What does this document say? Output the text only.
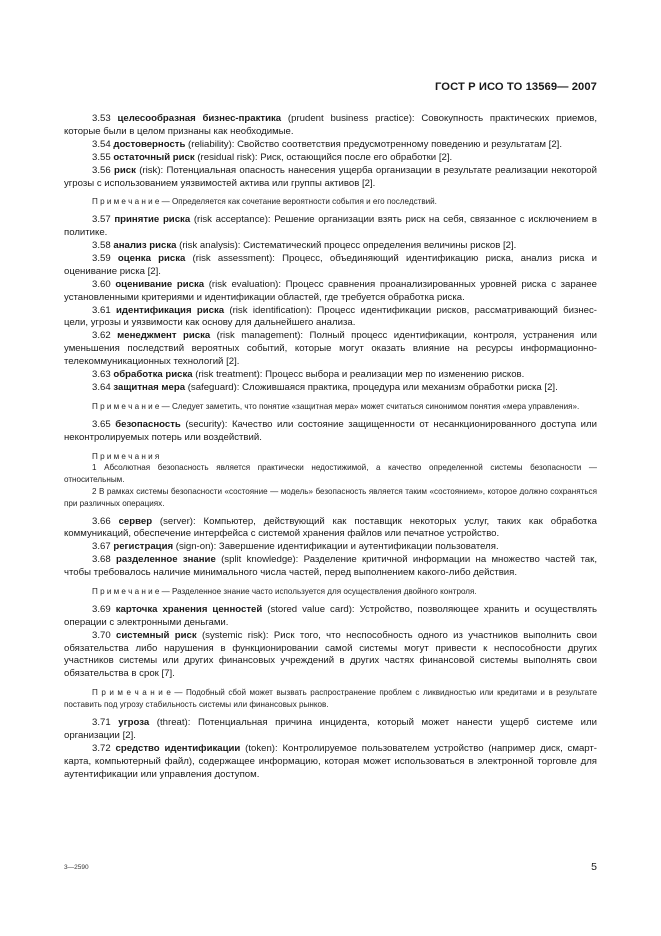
ГОСТ Р ИСО ТО 13569— 2007

3.53 целесообразная бизнес-практика (prudent business practice): Совокупность практических приемов, которые были в целом признаны как необходимые.

3.54 достоверность (reliability): Свойство соответствия предусмотренному поведению и результатам [2].

3.55 остаточный риск (residual risk): Риск, остающийся после его обработки [2].

3.56 риск (risk): Потенциальная опасность нанесения ущерба организации в результате реализации некоторой угрозы с использованием уязвимостей актива или группы активов [2].

П р и м е ч а н и е — Определяется как сочетание вероятности события и его последствий.

3.57 принятие риска (risk acceptance): Решение организации взять риск на себя, связанное с исключением в политике.

3.58 анализ риска (risk analysis): Систематический процесс определения величины рисков [2].

3.59 оценка риска (risk assessment): Процесс, объединяющий идентификацию риска, анализ риска и оценивание риска [2].

3.60 оценивание риска (risk evaluation): Процесс сравнения проанализированных уровней риска с заранее установленными критериями и идентификации областей, где требуется обработка риска.

3.61 идентификация риска (risk identification): Процесс идентификации рисков, рассматривающий бизнес-цели, угрозы и уязвимости как основу для дальнейшего анализа.

3.62 менеджмент риска (risk management): Полный процесс идентификации, контроля, устранения или уменьшения последствий вероятных событий, которые могут оказать влияние на ресурсы информационно-телекоммуникационных технологий [2].

3.63 обработка риска (risk treatment): Процесс выбора и реализации мер по изменению рисков.

3.64 защитная мера (safeguard): Сложившаяся практика, процедура или механизм обработки риска [2].

П р и м е ч а н и е — Следует заметить, что понятие «защитная мера» может считаться синонимом понятия «мера управления».

3.65 безопасность (security): Качество или состояние защищенности от несанкционированного доступа или неконтролируемых потерь или воздействий.

П р и м е ч а н и я

1 Абсолютная безопасность является практически недостижимой, а качество определенной системы безопасности — относительным.

2 В рамках системы безопасности «состояние — модель» безопасность является таким «состоянием», которое должно сохраняться при различных операциях.

3.66 сервер (server): Компьютер, действующий как поставщик некоторых услуг, таких как обработка коммуникаций, обеспечение интерфейса с системой хранения файлов или печатное устройство.

3.67 регистрация (sign-on): Завершение идентификации и аутентификации пользователя.

3.68 разделенное знание (split knowledge): Разделение критичной информации на множество частей так, чтобы требовалось наличие минимального числа частей, перед выполнением какого-либо действия.

П р и м е ч а н и е — Разделенное знание часто используется для осуществления двойного контроля.

3.69 карточка хранения ценностей (stored value card): Устройство, позволяющее хранить и осуществлять операции с электронными деньгами.

3.70 системный риск (systemic risk): Риск того, что неспособность одного из участников выполнить свои обязательства либо нарушения в функционировании самой системы могут привести к неспособности других участников системы или других финансовых учреждений в других частях финансовой системы выполнять свои обязательства в срок [7].

П р и м е ч а н и е — Подобный сбой может вызвать распространение проблем с ликвидностью или кредитами и в результате поставить под угрозу стабильность системы или финансовых рынков.

3.71 угроза (threat): Потенциальная причина инцидента, который может нанести ущерб системе или организации [2].

3.72 средство идентификации (token): Контролируемое пользователем устройство (например диск, смарт-карта, компьютерный файл), содержащее информацию, которая может использоваться в электронной торговле для аутентификации или управления доступом.

3—2590	5
